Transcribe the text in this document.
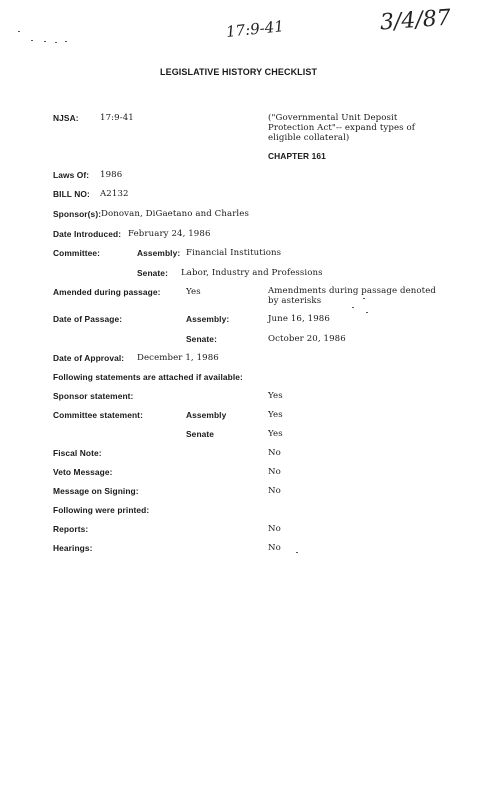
17:9-41	3/4/87
LEGISLATIVE HISTORY CHECKLIST
NJSA: 17:9-41	("Governmental Unit Deposit
Protection Act"-- expand types of
eligible collateral)
CHAPTER 161
Laws Of: 1986
BILL NO: A2132
Sponsor(s): Donovan, DiGaetano and Charles
Date Introduced: February 24, 1986
Committee:	Assembly: Financial Institutions
Senate: Labor, Industry and Professions
Amended during passage:	Yes	Amendments during passage denoted
by asterisks
Date of Passage:	Assembly:	June 16, 1986
Senate:	October 20, 1986
Date of Approval: December 1, 1986
Following statements are attached if available:
Sponsor statement:	Yes
Committee statement:	Assembly	Yes
Senate	Yes
Fiscal Note:	No
Veto Message:	No
Message on Signing:	No
Following were printed:
Reports:	No
Hearings:	No
